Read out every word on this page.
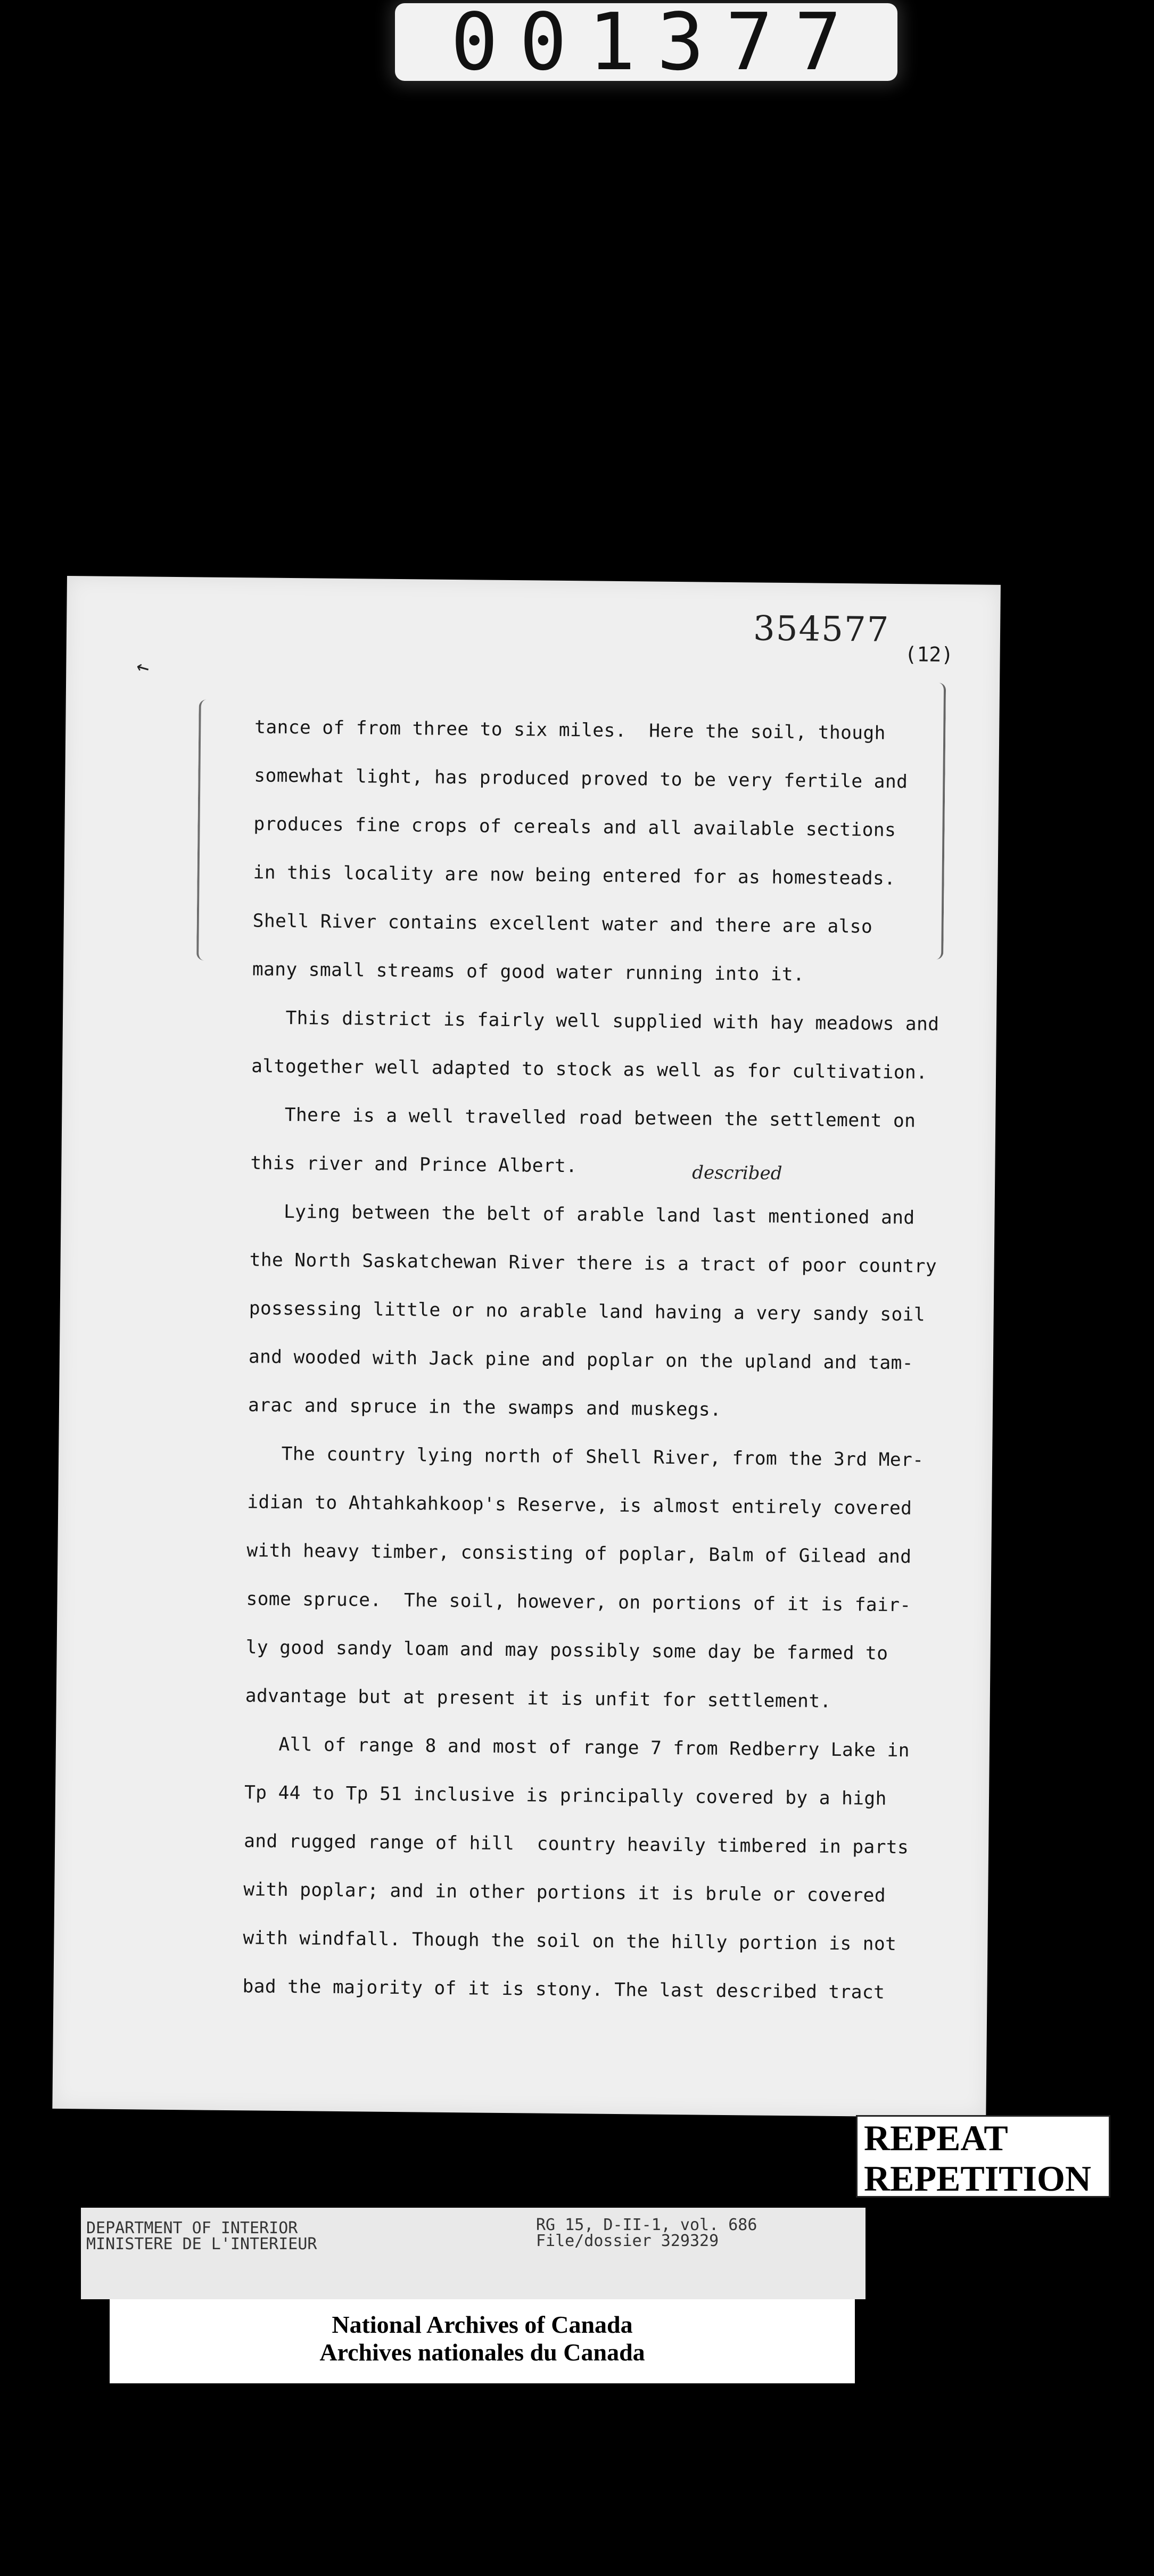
001377
354577
(12)
↖
described
tance of from three to six miles.  Here the soil, though
somewhat light, has produced proved to be very fertile and
produces fine crops of cereals and all available sections
in this locality are now being entered for as homesteads.
Shell River contains excellent water and there are also
many small streams of good water running into it.
This district is fairly well supplied with hay meadows and
altogether well adapted to stock as well as for cultivation.
There is a well travelled road between the settlement on
this river and Prince Albert.
Lying between the belt of arable land last mentioned and
the North Saskatchewan River there is a tract of poor country
possessing little or no arable land having a very sandy soil
and wooded with Jack pine and poplar on the upland and tam-
arac and spruce in the swamps and muskegs.
The country lying north of Shell River, from the 3rd Mer-
idian to Ahtahkahkoop's Reserve, is almost entirely covered
with heavy timber, consisting of poplar, Balm of Gilead and
some spruce.  The soil, however, on portions of it is fair-
ly good sandy loam and may possibly some day be farmed to
advantage but at present it is unfit for settlement.
All of range 8 and most of range 7 from Redberry Lake in
Tp 44 to Tp 51 inclusive is principally covered by a high
and rugged range of hill  country heavily timbered in parts
with poplar; and in other portions it is brule or covered
with windfall. Though the soil on the hilly portion is not
bad the majority of it is stony. The last described tract
REPEAT
REPETITION
DEPARTMENT OF INTERIOR
MINISTERE DE L'INTERIEUR
RG 15, D-II-1, vol. 686
File/dossier 329329
National Archives of Canada
Archives nationales du Canada
